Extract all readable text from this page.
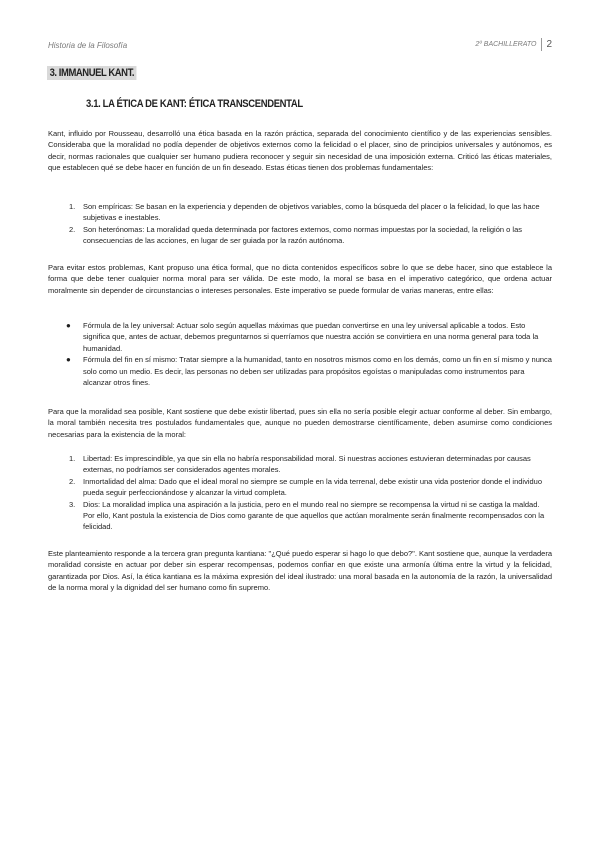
Historia de la Filosofía	2º BACHILLERATO 2
3. IMMANUEL KANT.
3.1. LA ÉTICA DE KANT: ÉTICA TRANSCENDENTAL

Kant, influido por Rousseau, desarrolló una ética basada en la razón práctica, separada del conocimiento científico y de las experiencias sensibles. Consideraba que la moralidad no podía depender de objetivos externos como la felicidad o el placer, sino de principios universales y autónomos, es decir, normas racionales que cualquier ser humano pudiera reconocer y seguir sin necesidad de una imposición externa. Criticó las éticas materiales, que establecen qué se debe hacer en función de un fin deseado. Estas éticas tienen dos problemas fundamentales:

1. Son empíricas: Se basan en la experiencia y dependen de objetivos variables, como la búsqueda del placer o la felicidad, lo que las hace subjetivas e inestables.
2. Son heterónomas: La moralidad queda determinada por factores externos, como normas impuestas por la sociedad, la religión o las consecuencias de las acciones, en lugar de ser guiada por la razón autónoma.

Para evitar estos problemas, Kant propuso una ética formal, que no dicta contenidos específicos sobre lo que se debe hacer, sino que establece la forma que debe tener cualquier norma moral para ser válida. De este modo, la moral se basa en el imperativo categórico, que ordena actuar moralmente sin depender de circunstancias o intereses personales. Este imperativo se puede formular de varias maneras, entre ellas:

● Fórmula de la ley universal: Actuar solo según aquellas máximas que puedan convertirse en una ley universal aplicable a todos. Esto significa que, antes de actuar, debemos preguntarnos si querríamos que nuestra acción se convirtiera en una norma general para toda la humanidad.
● Fórmula del fin en sí mismo: Tratar siempre a la humanidad, tanto en nosotros mismos como en los demás, como un fin en sí mismo y nunca solo como un medio. Es decir, las personas no deben ser utilizadas para propósitos egoístas o manipuladas como instrumentos para alcanzar otros fines.

Para que la moralidad sea posible, Kant sostiene que debe existir libertad, pues sin ella no sería posible elegir actuar conforme al deber. Sin embargo, la moral también necesita tres postulados fundamentales que, aunque no pueden demostrarse científicamente, deben asumirse como condiciones necesarias para la existencia de la moral:

1. Libertad: Es imprescindible, ya que sin ella no habría responsabilidad moral. Si nuestras acciones estuvieran determinadas por causas externas, no podríamos ser considerados agentes morales.
2. Inmortalidad del alma: Dado que el ideal moral no siempre se cumple en la vida terrenal, debe existir una vida posterior donde el individuo pueda seguir perfeccionándose y alcanzar la virtud completa.
3. Dios: La moralidad implica una aspiración a la justicia, pero en el mundo real no siempre se recompensa la virtud ni se castiga la maldad. Por ello, Kant postula la existencia de Dios como garante de que aquellos que actúan moralmente serán finalmente recompensados con la felicidad.

Este planteamiento responde a la tercera gran pregunta kantiana: "¿Qué puedo esperar si hago lo que debo?". Kant sostiene que, aunque la verdadera moralidad consiste en actuar por deber sin esperar recompensas, podemos confiar en que existe una armonía última entre la virtud y la felicidad, garantizada por Dios. Así, la ética kantiana es la máxima expresión del ideal ilustrado: una moral basada en la autonomía de la razón, la universalidad de la norma moral y la dignidad del ser humano como fin supremo.
